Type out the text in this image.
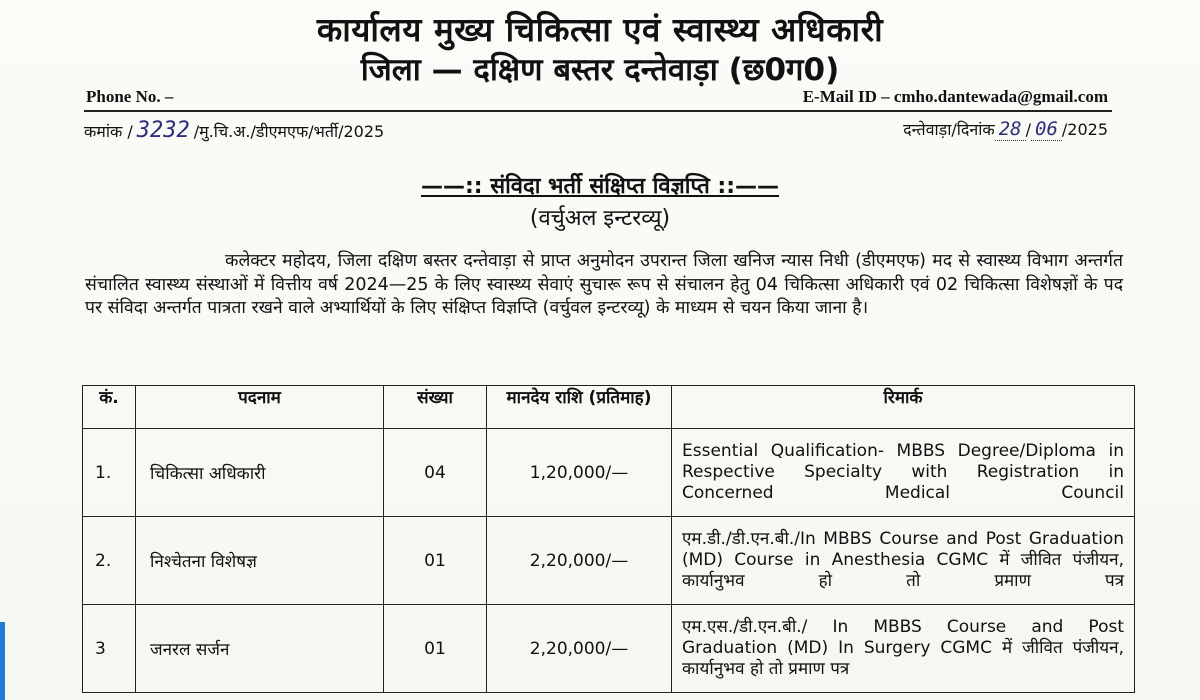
कार्यालय मुख्य चिकित्सा एवं स्वास्थ्य अधिकारी
जिला — दक्षिण बस्तर दन्तेवाड़ा (छ0ग0)
Phone No. –	E-Mail ID – cmho.dantewada@gmail.com
कमांक / 3232 /मु.चि.अ./डीएमएफ/भर्ती/2025	दन्तेवाड़ा/दिनांक 28 / 06 /2025
——:: संविदा भर्ती संक्षिप्त विज्ञप्ति ::——
(वर्चुअल इन्टरव्यू)
कलेक्टर महोदय, जिला दक्षिण बस्तर दन्तेवाड़ा से प्राप्त अनुमोदन उपरान्त जिला खनिज न्यास निधी (डीएमएफ) मद से स्वास्थ्य विभाग अन्तर्गत संचालित स्वास्थ्य संस्थाओं में वित्तीय वर्ष 2024—25 के लिए स्वास्थ्य सेवाएं सुचारू रूप से संचालन हेतु 04 चिकित्सा अधिकारी एवं 02 चिकित्सा विशेषज्ञों के पद पर संविदा अन्तर्गत पात्रता रखने वाले अभ्यार्थियों के लिए संक्षिप्त विज्ञप्ति (वर्चुवल इन्टरव्यू) के माध्यम से चयन किया जाना है।
कं.	पदनाम	संख्या	मानदेय राशि (प्रतिमाह)	रिमार्क
1.	चिकित्सा अधिकारी	04	1,20,000/—	Essential Qualification- MBBS Degree/Diploma in Respective Specialty with Registration in Concerned Medical Council
2.	निश्चेतना विशेषज्ञ	01	2,20,000/—	एम.डी./डी.एन.बी./In MBBS Course and Post Graduation (MD) Course in Anesthesia CGMC में जीवित पंजीयन, कार्यानुभव हो तो प्रमाण पत्र
3	जनरल सर्जन	01	2,20,000/—	एम.एस./डी.एन.बी./ In MBBS Course and Post Graduation (MD) In Surgery CGMC में जीवित पंजीयन, कार्यानुभव हो तो प्रमाण पत्र
